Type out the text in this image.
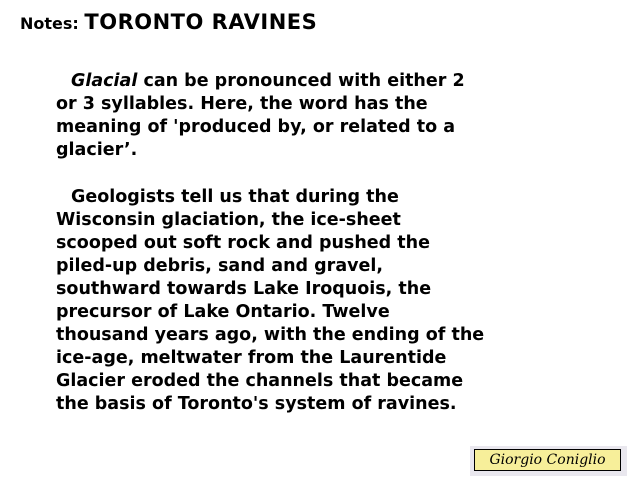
Notes: TORONTO RAVINES

Glacial can be pronounced with either 2
or 3 syllables. Here, the word has the
meaning of 'produced by, or related to a
glacier’.

Geologists tell us that during the
Wisconsin glaciation, the ice-sheet
scooped out soft rock and pushed the
piled-up debris, sand and gravel,
southward towards Lake Iroquois, the
precursor of Lake Ontario. Twelve
thousand years ago, with the ending of the
ice-age, meltwater from the Laurentide
Glacier eroded the channels that became
the basis of Toronto's system of ravines.

Giorgio Coniglio
